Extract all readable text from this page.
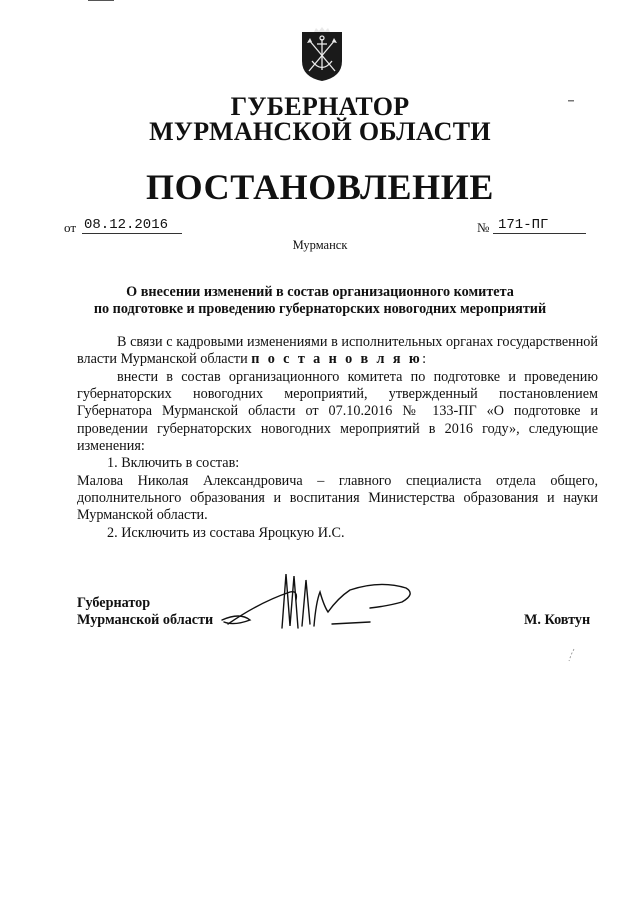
ГУБЕРНАТОР
МУРМАНСКОЙ ОБЛАСТИ
ПОСТАНОВЛЕНИЕ
от 08.12.2016	№ 171-ПГ
Мурманск
О внесении изменений в состав организационного комитета
по подготовке и проведению губернаторских новогодних мероприятий
В связи с кадровыми изменениями в исполнительных органах государственной власти Мурманской области п о с т а н о в л я ю:
внести в состав организационного комитета по подготовке и проведению губернаторских новогодних мероприятий, утвержденный постановлением Губернатора Мурманской области от 07.10.2016 № 133-ПГ «О подготовке и проведении губернаторских новогодних мероприятий в 2016 году», следующие изменения:
1. Включить в состав:
Малова Николая Александровича – главного специалиста отдела общего, дополнительного образования и воспитания Министерства образования и науки Мурманской области.
2. Исключить из состава Яроцкую И.С.
Губернатор
Мурманской области	М. Ковтун
